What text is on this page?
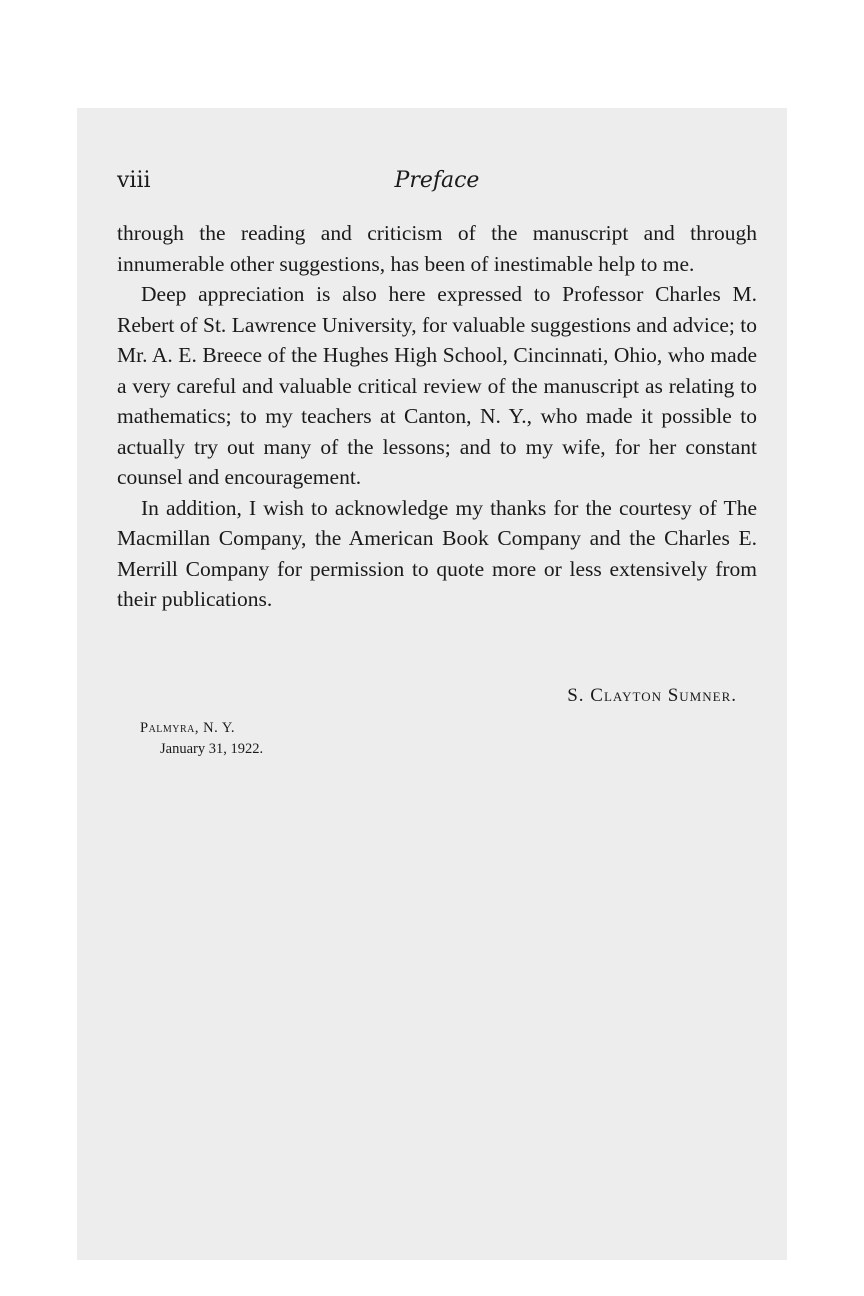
viii	Preface

through the reading and criticism of the manuscript and through innumerable other suggestions, has been of inestimable help to me.

Deep appreciation is also here expressed to Professor Charles M. Rebert of St. Lawrence University, for valuable suggestions and advice; to Mr. A. E. Breece of the Hughes High School, Cincinnati, Ohio, who made a very careful and valuable critical review of the manuscript as relating to mathematics; to my teachers at Canton, N. Y., who made it possible to actually try out many of the lessons; and to my wife, for her constant counsel and encouragement.

In addition, I wish to acknowledge my thanks for the courtesy of The Macmillan Company, the American Book Company and the Charles E. Merrill Company for permission to quote more or less extensively from their publications.

S. Clayton Sumner.
Palmyra, N. Y.
January 31, 1922.
